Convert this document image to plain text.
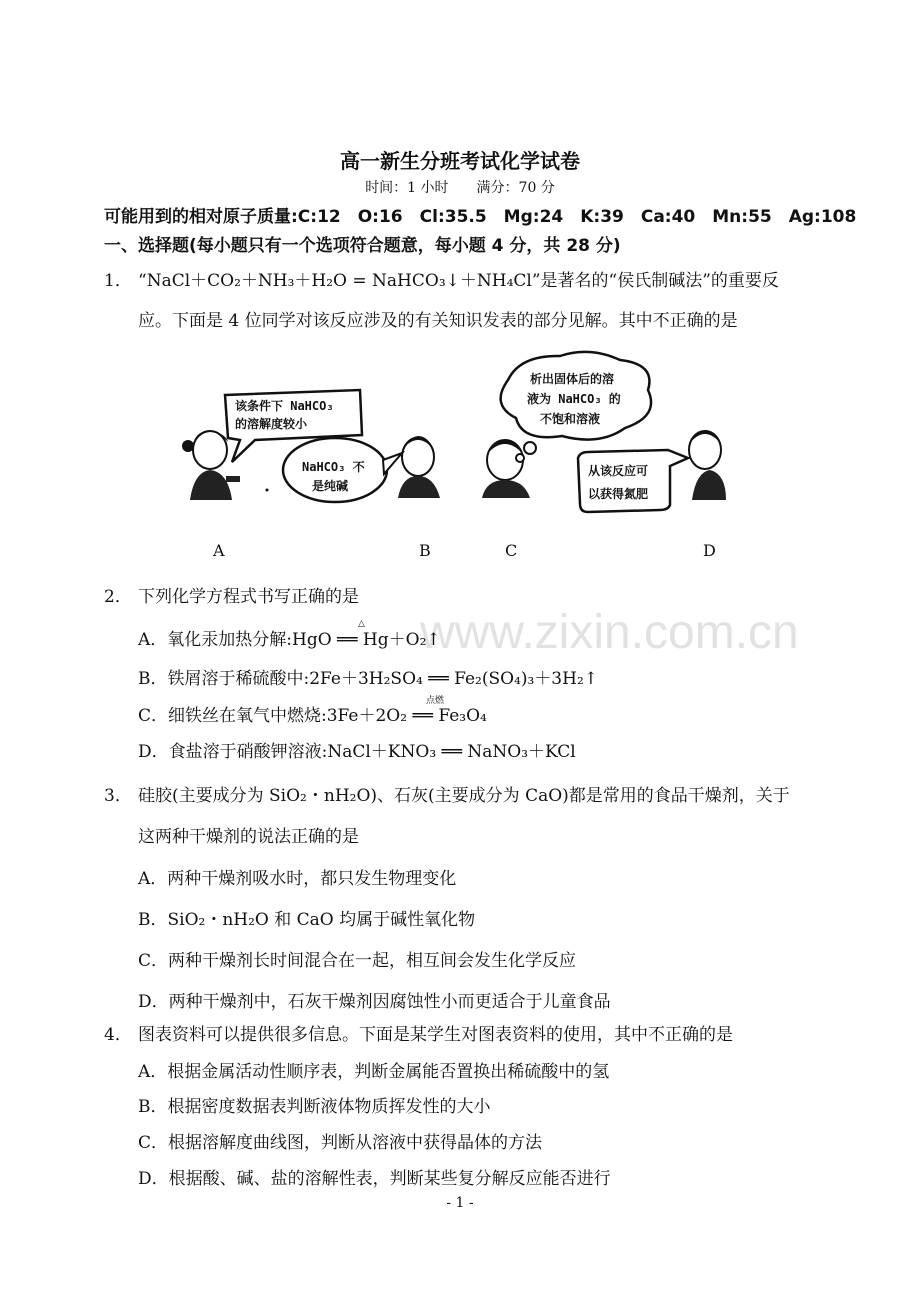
www.zixin.com.cn
高一新生分班考试化学试卷
时间：1 小时　　满分：70 分
可能用到的相对原子质量:C:12　O:16　Cl:35.5　Mg:24　K:39　Ca:40　Mn:55　Ag:108
一、选择题(每小题只有一个选项符合题意，每小题 4 分，共 28 分)
1． “NaCl＋CO₂＋NH₃＋H₂O = NaHCO₃↓＋NH₄Cl”是著名的“侯氏制碱法”的重要反
应。下面是 4 位同学对该反应涉及的有关知识发表的部分见解。其中不正确的是
该条件下 NaHCO₃
的溶解度较小
NaHCO₃ 不
是纯碱
析出固体后的溶
液为 NaHCO₃ 的
不饱和溶液
从该反应可
以获得氮肥
A	B	C	D
2． 下列化学方程式书写正确的是
A．氧化汞加热分解:HgO ══ Hg＋O₂↑
△
B．铁屑溶于稀硫酸中:2Fe＋3H₂SO₄ ══ Fe₂(SO₄)₃＋3H₂↑
C．细铁丝在氧气中燃烧:3Fe＋2O₂ ══ Fe₃O₄
点燃
D．食盐溶于硝酸钾溶液:NaCl＋KNO₃ ══ NaNO₃＋KCl
3． 硅胶(主要成分为 SiO₂・nH₂O)、石灰(主要成分为 CaO)都是常用的食品干燥剂，关于
这两种干燥剂的说法正确的是
A．两种干燥剂吸水时，都只发生物理变化
B．SiO₂・nH₂O 和 CaO 均属于碱性氧化物
C．两种干燥剂长时间混合在一起，相互间会发生化学反应
D．两种干燥剂中，石灰干燥剂因腐蚀性小而更适合于儿童食品
4． 图表资料可以提供很多信息。下面是某学生对图表资料的使用，其中不正确的是
A．根据金属活动性顺序表，判断金属能否置换出稀硫酸中的氢
B．根据密度数据表判断液体物质挥发性的大小
C．根据溶解度曲线图，判断从溶液中获得晶体的方法
D．根据酸、碱、盐的溶解性表，判断某些复分解反应能否进行
- 1 -
